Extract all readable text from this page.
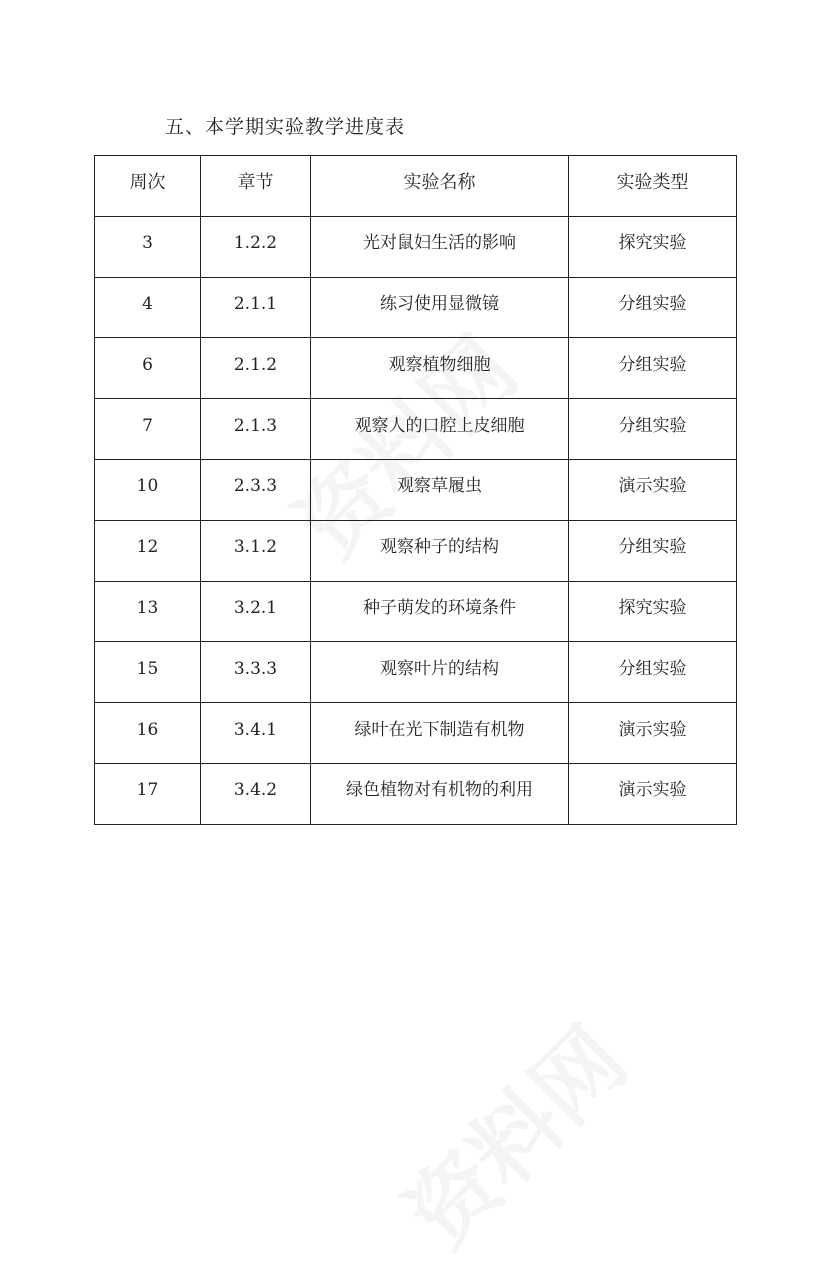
五、本学期实验教学进度表
周次	章节	实验名称	实验类型
3	1.2.2	光对鼠妇生活的影响	探究实验
4	2.1.1	练习使用显微镜	分组实验
6	2.1.2	观察植物细胞	分组实验
7	2.1.3	观察人的口腔上皮细胞	分组实验
10	2.3.3	观察草履虫	演示实验
12	3.1.2	观察种子的结构	分组实验
13	3.2.1	种子萌发的环境条件	探究实验
15	3.3.3	观察叶片的结构	分组实验
16	3.4.1	绿叶在光下制造有机物	演示实验
17	3.4.2	绿色植物对有机物的利用	演示实验
